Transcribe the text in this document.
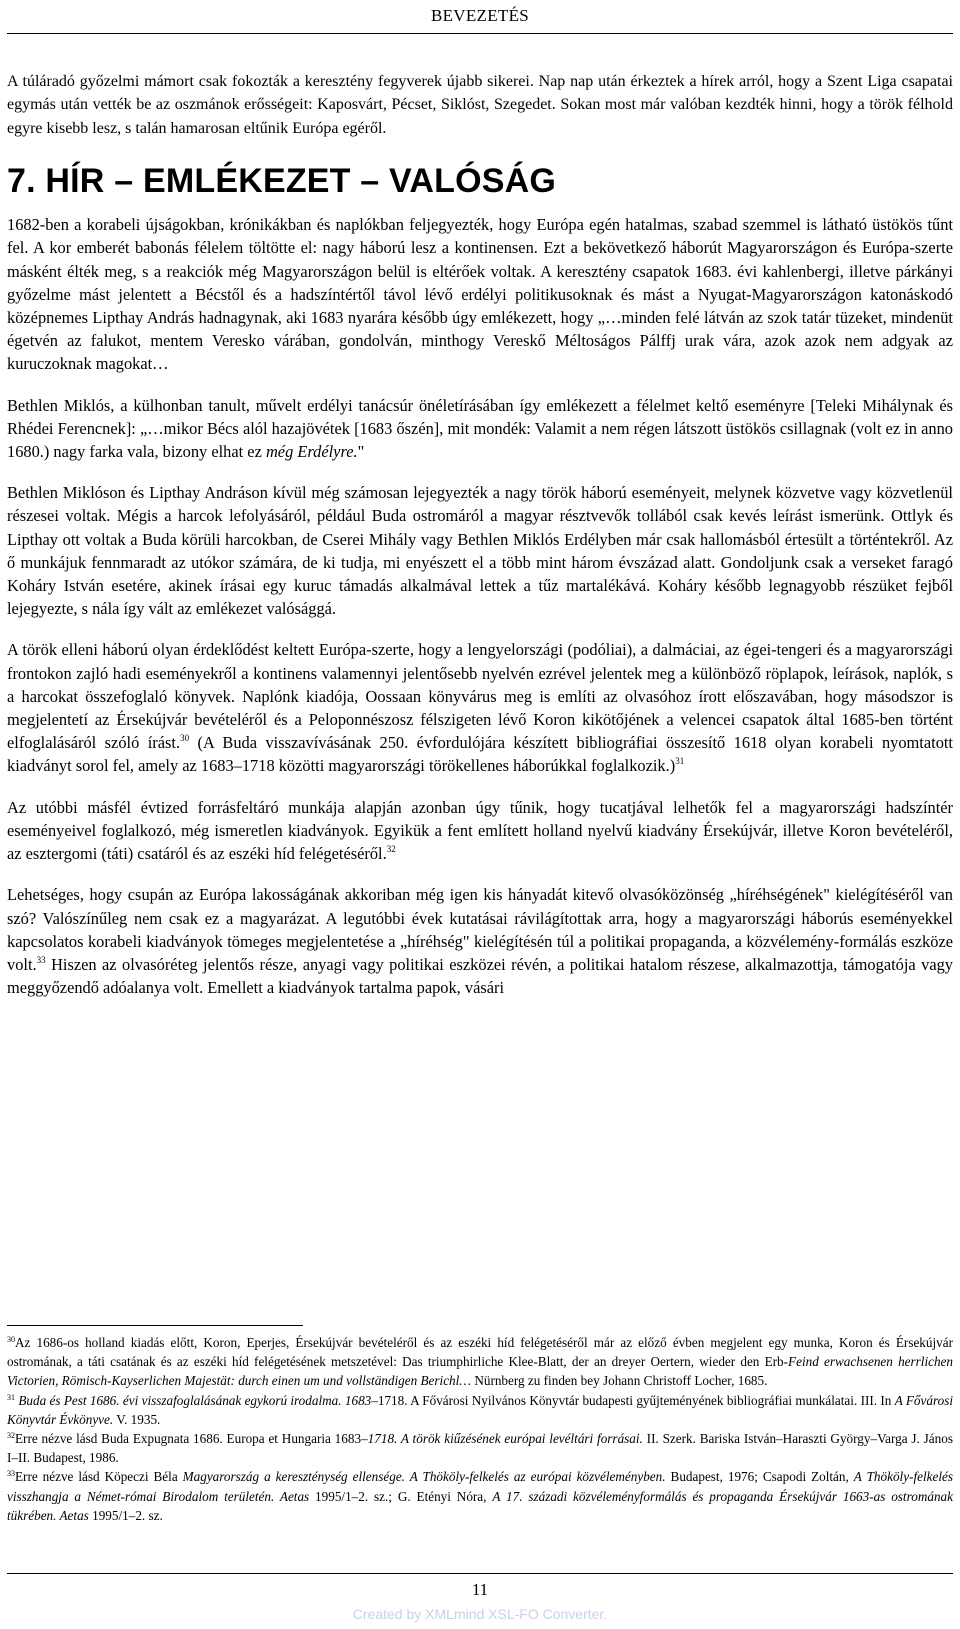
BEVEZETÉS

A túláradó győzelmi mámort csak fokozták a keresztény fegyverek újabb sikerei. Nap nap után érkeztek a hírek arról, hogy a Szent Liga csapatai egymás után vették be az oszmánok erősségeit: Kaposvárt, Pécset, Siklóst, Szegedet. Sokan most már valóban kezdték hinni, hogy a török félhold egyre kisebb lesz, s talán hamarosan eltűnik Európa egéről.

7. HÍR – EMLÉKEZET – VALÓSÁG

1682-ben a korabeli újságokban, krónikákban és naplókban feljegyezték, hogy Európa egén hatalmas, szabad szemmel is látható üstökös tűnt fel. A kor emberét babonás félelem töltötte el: nagy háború lesz a kontinensen. Ezt a bekövetkező háborút Magyarországon és Európa-szerte másként élték meg, s a reakciók még Magyarországon belül is eltérőek voltak. A keresztény csapatok 1683. évi kahlenbergi, illetve párkányi győzelme mást jelentett a Bécstől és a hadszíntértől távol lévő erdélyi politikusoknak és mást a Nyugat-Magyarországon katonáskodó középnemes Lipthay András hadnagynak, aki 1683 nyarára később úgy emlékezett, hogy „…minden felé látván az szok tatár tüzeket, mindenüt égetvén az falukot, mentem Veresko várában, gondolván, minthogy Vereskő Méltoságos Pálffj urak vára, azok azok nem adgyak az kuruczoknak magokat…

Bethlen Miklós, a külhonban tanult, művelt erdélyi tanácsúr önéletírásában így emlékezett a félelmet keltő eseményre [Teleki Mihálynak és Rhédei Ferencnek]: „…mikor Bécs alól hazajövétek [1683 őszén], mit mondék: Valamit a nem régen látszott üstökös csillagnak (volt ez in anno 1680.) nagy farka vala, bizony elhat ez még Erdélyre."

Bethlen Miklóson és Lipthay Andráson kívül még számosan lejegyezték a nagy török háború eseményeit, melynek közvetve vagy közvetlenül részesei voltak. Mégis a harcok lefolyásáról, például Buda ostromáról a magyar résztvevők tollából csak kevés leírást ismerünk. Ottlyk és Lipthay ott voltak a Buda körüli harcokban, de Cserei Mihály vagy Bethlen Miklós Erdélyben már csak hallomásból értesült a történtekről. Az ő munkájuk fennmaradt az utókor számára, de ki tudja, mi enyészett el a több mint három évszázad alatt. Gondoljunk csak a verseket faragó Koháry István esetére, akinek írásai egy kuruc támadás alkalmával lettek a tűz martalékává. Koháry később legnagyobb részüket fejből lejegyezte, s nála így vált az emlékezet valósággá.

A török elleni háború olyan érdeklődést keltett Európa-szerte, hogy a lengyelországi (podóliai), a dalmáciai, az égei-tengeri és a magyarországi frontokon zajló hadi eseményekről a kontinens valamennyi jelentősebb nyelvén ezrével jelentek meg a különböző röplapok, leírások, naplók, s a harcokat összefoglaló könyvek. Naplónk kiadója, Oossaan könyvárus meg is említi az olvasóhoz írott előszavában, hogy másodszor is megjelentetí az Érsekújvár bevételéről és a Peloponnészosz félszigeten lévő Koron kikötőjének a velencei csapatok által 1685-ben történt elfoglalásáról szóló írást.$^{30}$ (A Buda visszavívásának 250. évfordulójára készített bibliográfiai összesítő 1618 olyan korabeli nyomtatott kiadványt sorol fel, amely az 1683–1718 közötti magyarországi törökellenes háborúkkal foglalkozik.)$^{31}$

Az utóbbi másfél évtized forrásfeltáró munkája alapján azonban úgy tűnik, hogy tucatjával lelhetők fel a magyarországi hadszíntér eseményeivel foglalkozó, még ismeretlen kiadványok. Egyikük a fent említett holland nyelvű kiadvány Érsekújvár, illetve Koron bevételéről, az esztergomi (táti) csatáról és az eszéki híd felégetéséről.$^{32}$

Lehetséges, hogy csupán az Európa lakosságának akkoriban még igen kis hányadát kitevő olvasóközönség „híréhségének" kielégítéséről van szó? Valószínűleg nem csak ez a magyarázat. A legutóbbi évek kutatásai rávilágítottak arra, hogy a magyarországi háborús eseményekkel kapcsolatos korabeli kiadványok tömeges megjelentetése a „híréhség" kielégítésén túl a politikai propaganda, a közvélemény-formálás eszköze volt.$^{33}$ Hiszen az olvasóréteg jelentős része, anyagi vagy politikai eszközei révén, a politikai hatalom részese, alkalmazottja, támogatója vagy meggyőzendő adóalanya volt. Emellett a kiadványok tartalma papok, vásári

$^{30}$Az 1686-os holland kiadás előtt, Koron, Eperjes, Érsekújvár bevételéről és az eszéki híd felégetéséről már az előző évben megjelent egy munka, Koron és Érsekújvár ostromának, a táti csatának és az eszéki híd felégetésének metszetével: Das triumphirliche Klee-Blatt, der an dreyer Oertern, wieder den Erb-Feind erwachsenen herrlichen Victorien, Römisch-Kayserlichen Majestät: durch einen um und vollständigen Berichl… Nürnberg zu finden bey Johann Christoff Locher, 1685.

$^{31}$ Buda és Pest 1686. évi visszafoglalásának egykorú irodalma. 1683–1718. A Fővárosi Nyilvános Könyvtár budapesti gyűjteményének bibliográfiai munkálatai. III. In A Fővárosi Könyvtár Évkönyve. V. 1935.

$^{32}$Erre nézve lásd Buda Expugnata 1686. Europa et Hungaria 1683–1718. A török kiűzésének európai levéltári forrásai. II. Szerk. Bariska István–Haraszti György–Varga J. János I–II. Budapest, 1986.

$^{33}$Erre nézve lásd Köpeczi Béla Magyarország a kereszténység ellensége. A Thököly-felkelés az európai közvéleményben. Budapest, 1976; Csapodi Zoltán, A Thököly-felkelés visszhangja a Német-római Birodalom területén. Aetas 1995/1–2. sz.; G. Etényi Nóra, A 17. századi közvéleményformálás és propaganda Érsekújvár 1663-as ostromának tükrében. Aetas 1995/1–2. sz.

11
Created by XMLmind XSL-FO Converter.
